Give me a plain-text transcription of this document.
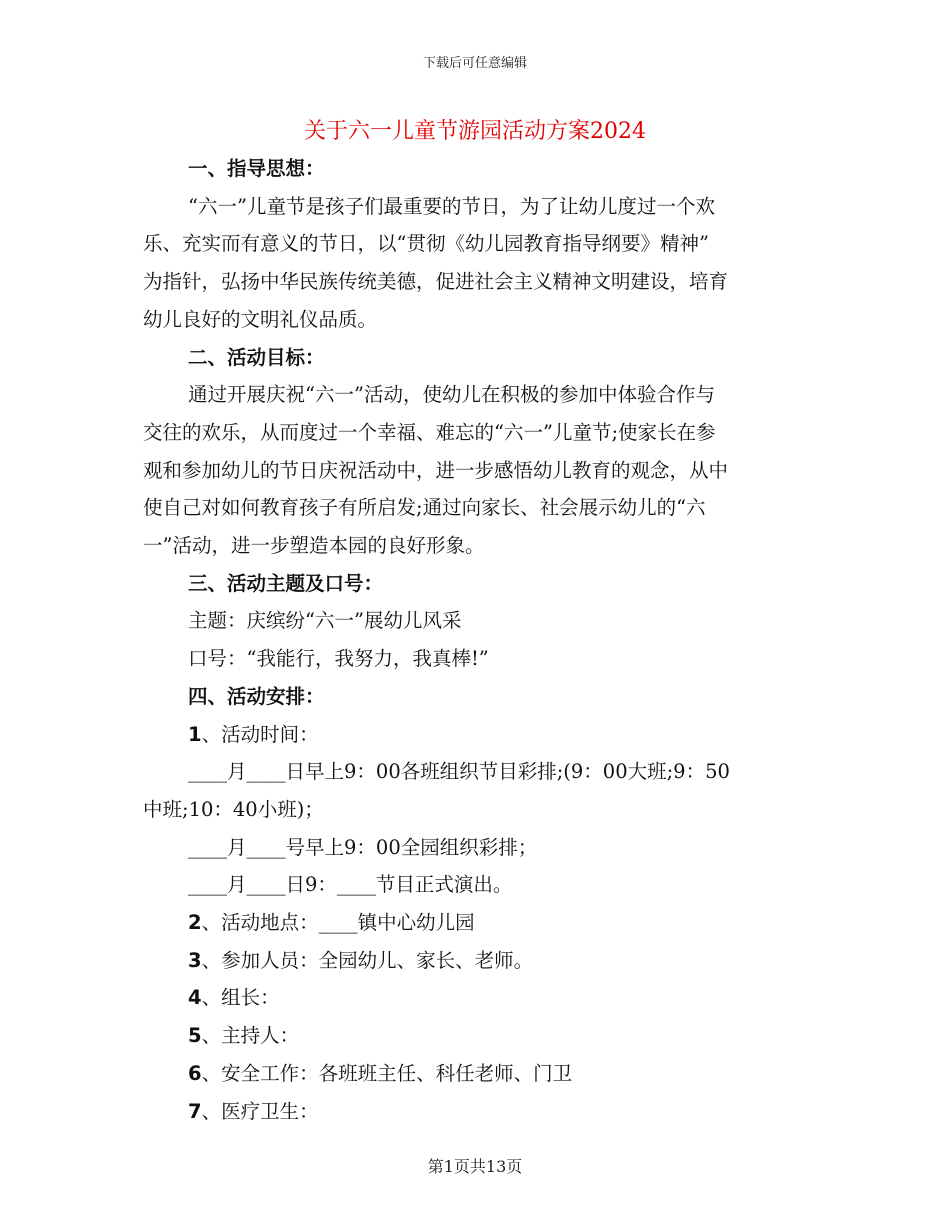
下载后可任意编辑
关于六一儿童节游园活动方案2024
一、指导思想：
“六一”儿童节是孩子们最重要的节日，为了让幼儿度过一个欢
乐、充实而有意义的节日，以“贯彻《幼儿园教育指导纲要》精神”
为指针，弘扬中华民族传统美德，促进社会主义精神文明建设，培育
幼儿良好的文明礼仪品质。
二、活动目标：
通过开展庆祝“六一”活动，使幼儿在积极的参加中体验合作与
交往的欢乐，从而度过一个幸福、难忘的“六一”儿童节;使家长在参
观和参加幼儿的节日庆祝活动中，进一步感悟幼儿教育的观念，从中
使自己对如何教育孩子有所启发;通过向家长、社会展示幼儿的“六
一”活动，进一步塑造本园的良好形象。
三、活动主题及口号：
主题：庆缤纷“六一”展幼儿风采
口号：“我能行，我努力，我真棒!”
四、活动安排：
1、活动时间：
____月____日早上9：00各班组织节目彩排;(9：00大班;9：50
中班;10：40小班)；
____月____号早上9：00全园组织彩排；
____月____日9：____节目正式演出。
2、活动地点：____镇中心幼儿园
3、参加人员：全园幼儿、家长、老师。
4、组长：
5、主持人：
6、安全工作：各班班主任、科任老师、门卫
7、医疗卫生：
第1页共13页
